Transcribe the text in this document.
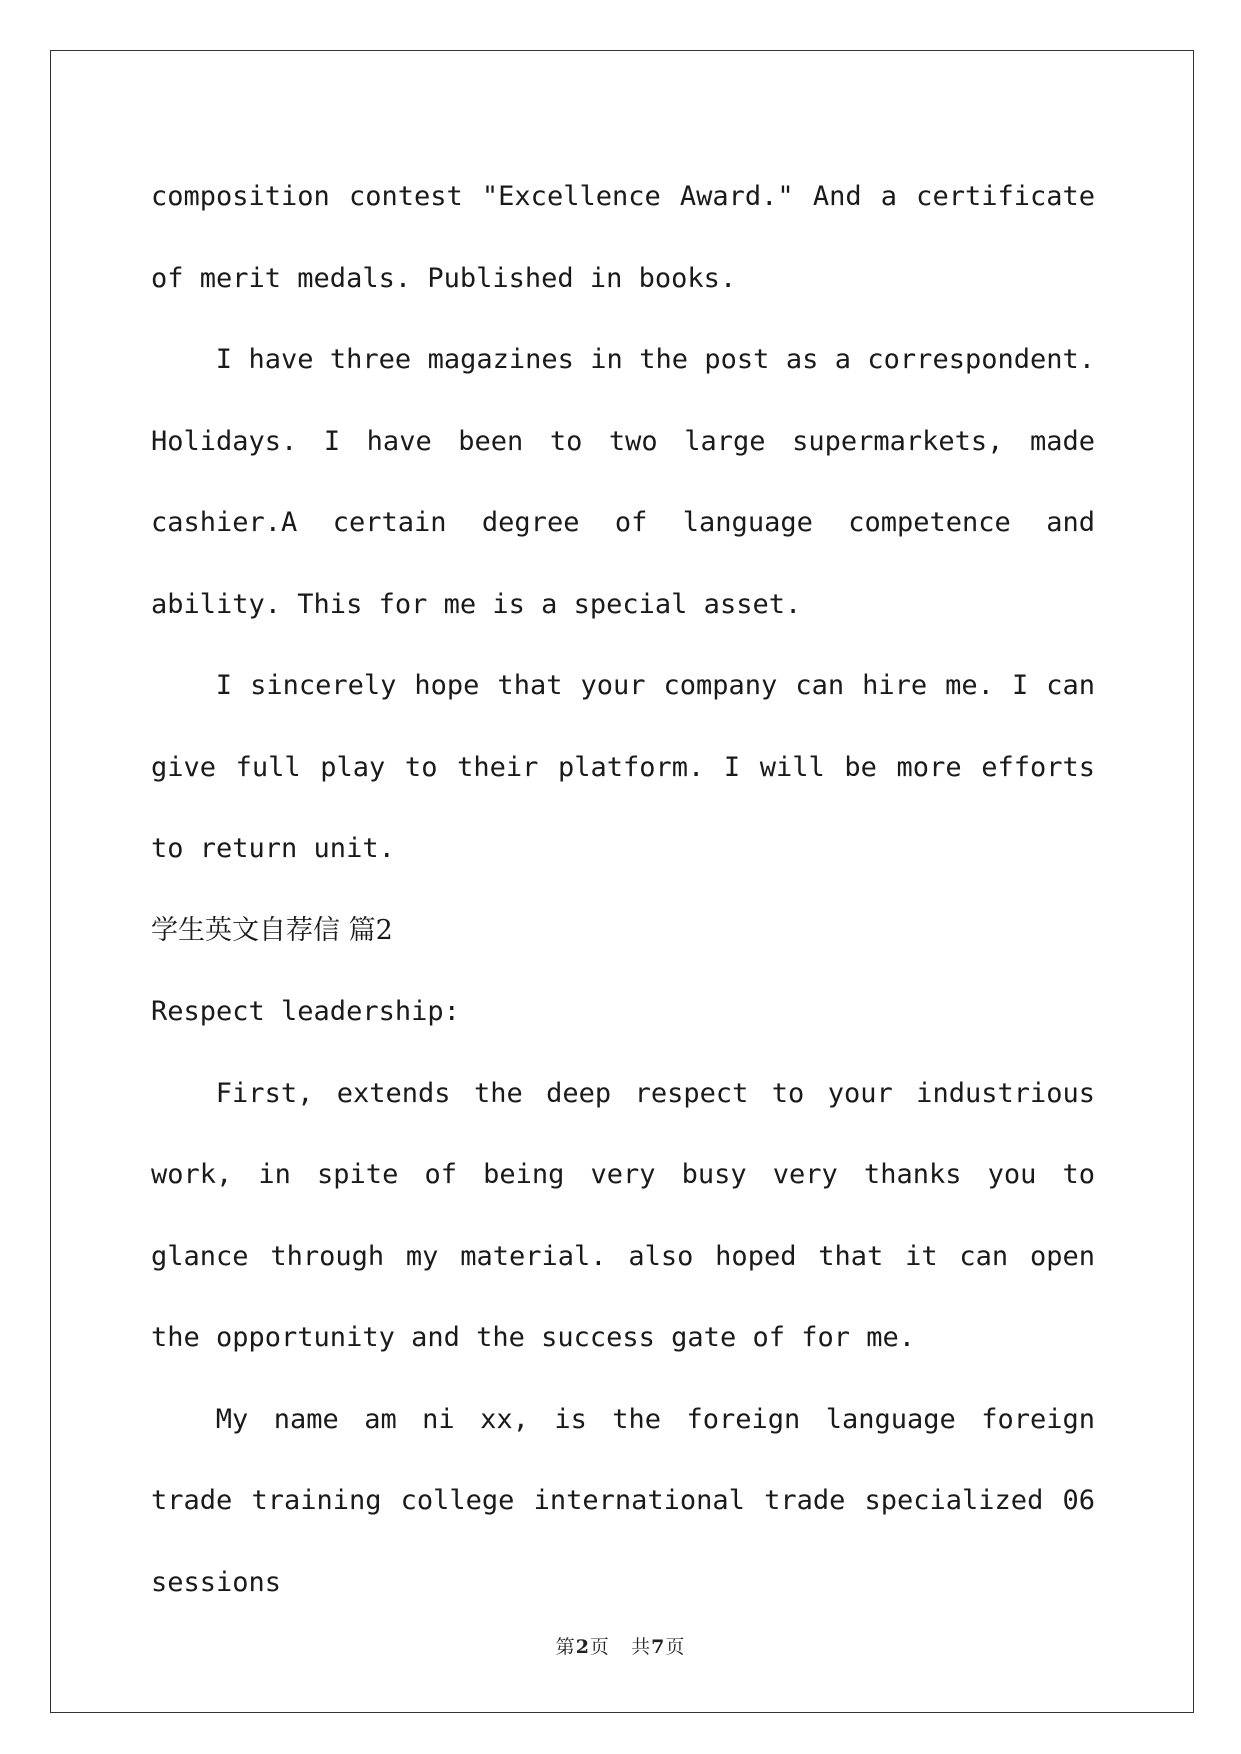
composition contest "Excellence Award." And a certificate of merit medals. Published in books.

I have three magazines in the post as a correspondent. Holidays. I have been to two large supermarkets, made cashier.A certain degree of language competence and ability. This for me is a special asset.

I sincerely hope that your company can hire me. I can give full play to their platform. I will be more efforts to return unit.

学生英文自荐信 篇2

Respect leadership:

First, extends the deep respect to your industrious work, in spite of being very busy very thanks you to glance through my material. also hoped that it can open the opportunity and the success gate of for me.

My name am ni xx, is the foreign language foreign trade training college international trade specialized 06 sessions

第2页 共7页
